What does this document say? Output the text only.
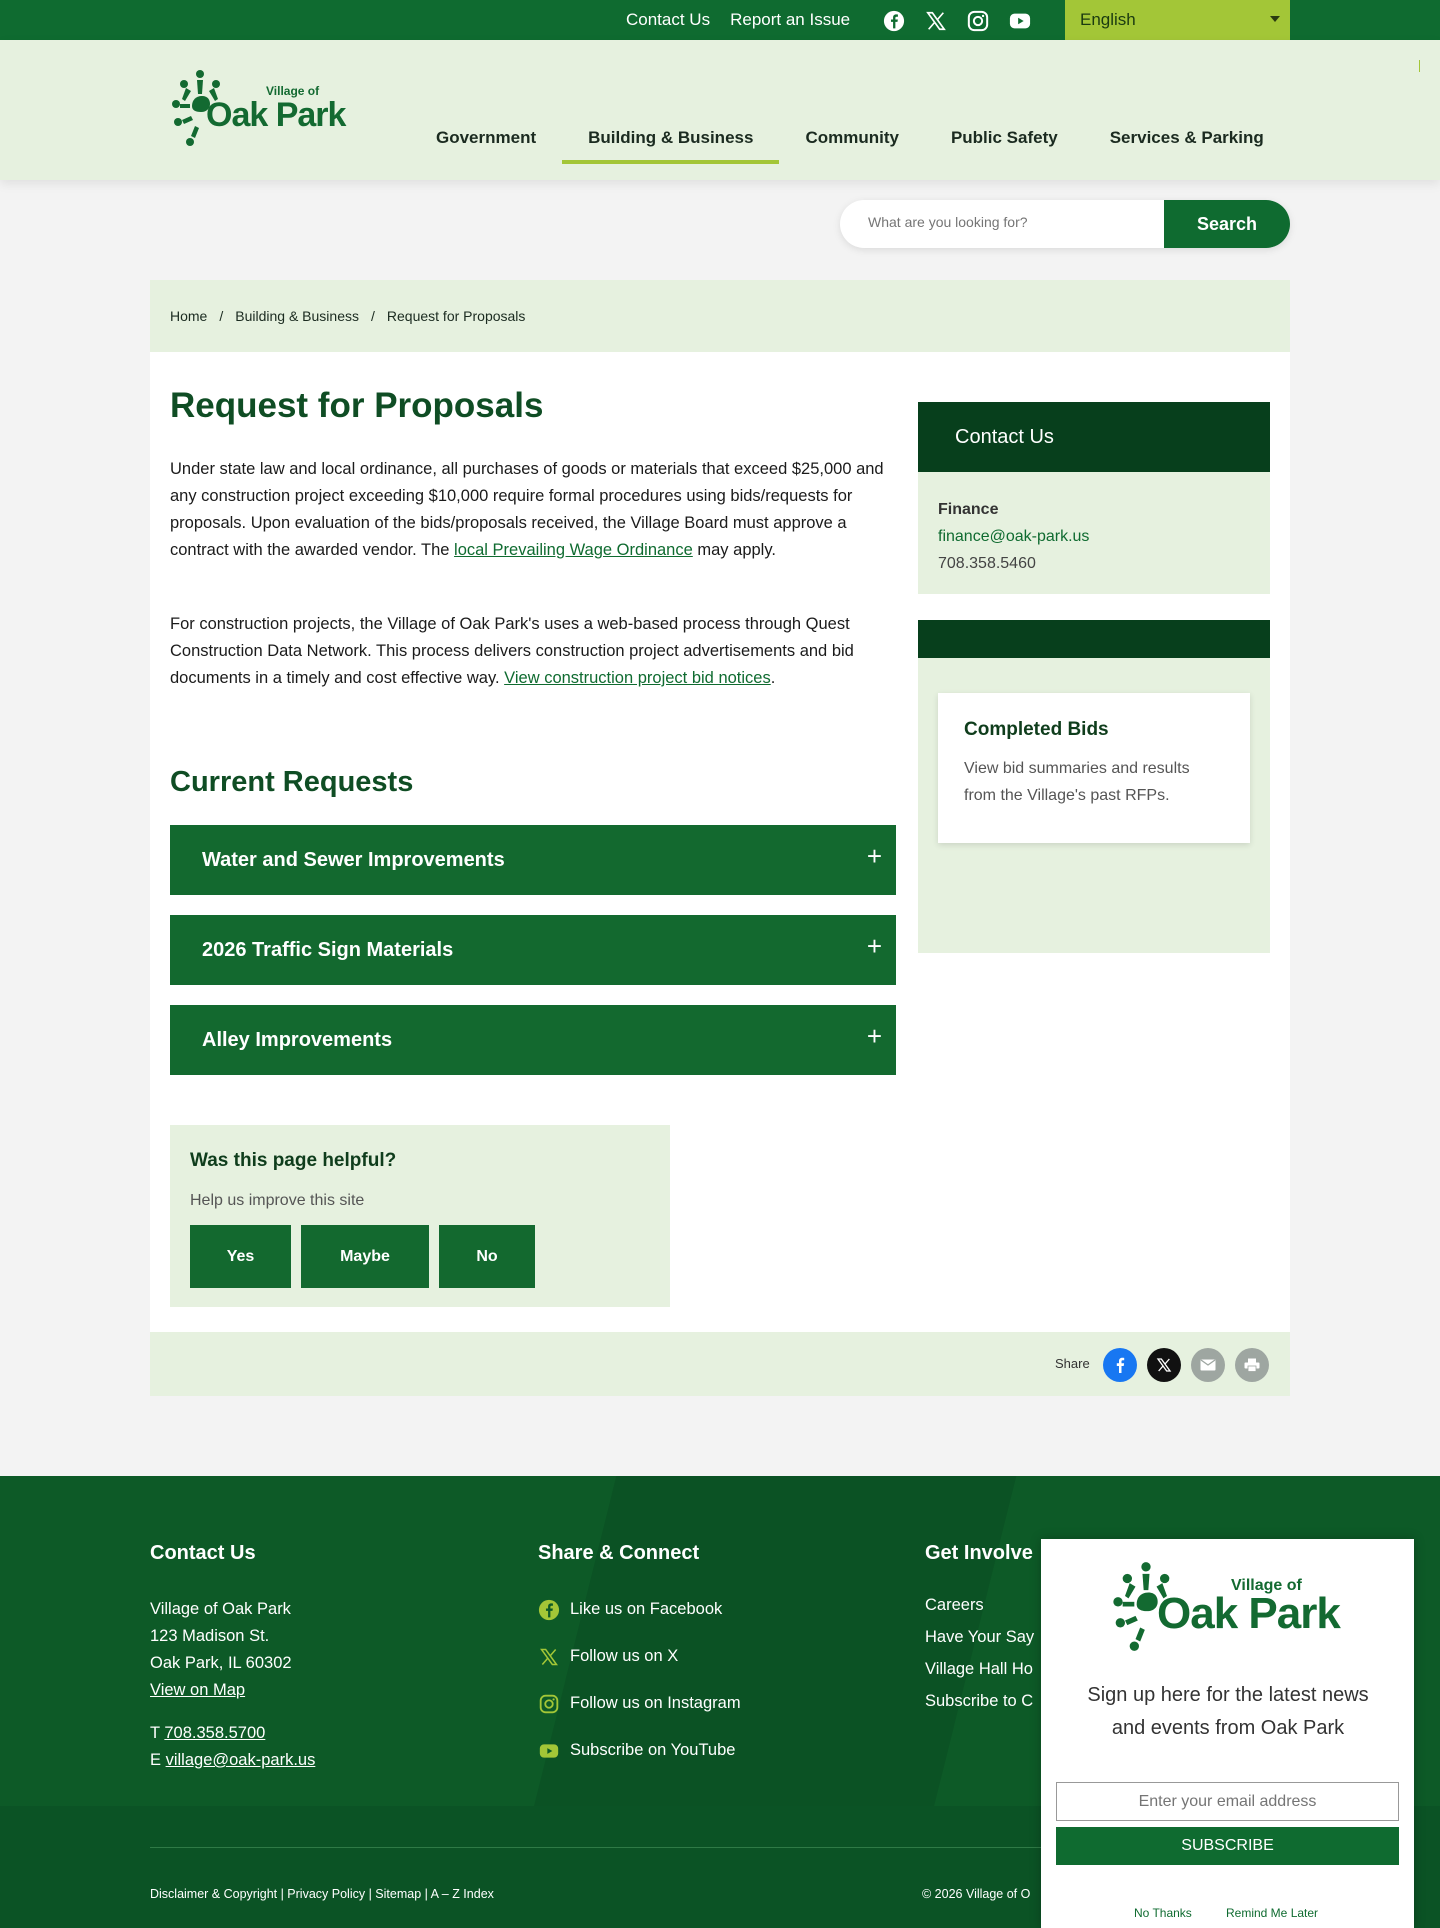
Contact Us Report an Issue	English
Village of
Oak Park
Government	Building & Business	Community	Public Safety	Services & Parking
What are you looking for?
Search
Home / Building & Business / Request for Proposals
Request for Proposals

Under state law and local ordinance, all purchases of goods or materials that exceed $25,000 and any construction project exceeding $10,000 require formal procedures using bids/requests for proposals. Upon evaluation of the bids/proposals received, the Village Board must approve a contract with the awarded vendor. The local Prevailing Wage Ordinance may apply.

For construction projects, the Village of Oak Park's uses a web-based process through Quest Construction Data Network. This process delivers construction project advertisements and bid documents in a timely and cost effective way. View construction project bid notices.

Current Requests
Water and Sewer Improvements	+
2026 Traffic Sign Materials	+
Alley Improvements	+
Was this page helpful?
Help us improve this site
Yes	Maybe	No
Contact Us
Finance
finance@oak-park.us
708.358.5460
Completed Bids
View bid summaries and results from the Village's past RFPs.
Share
Contact Us
Village of Oak Park
123 Madison St.
Oak Park, IL 60302
View on Map
T 708.358.5700
E village@oak-park.us
Share & Connect
Like us on Facebook
Follow us on X
Follow us on Instagram
Subscribe on YouTube
Get Involve
Careers
Have Your Say
Village Hall Ho
Subscribe to C
Disclaimer & Copyright | Privacy Policy | Sitemap | A – Z Index	© 2026 Village of O
Village of
Oak Park
Sign up here for the latest news and events from Oak Park
Enter your email address
SUBSCRIBE
No Thanks	Remind Me Later
